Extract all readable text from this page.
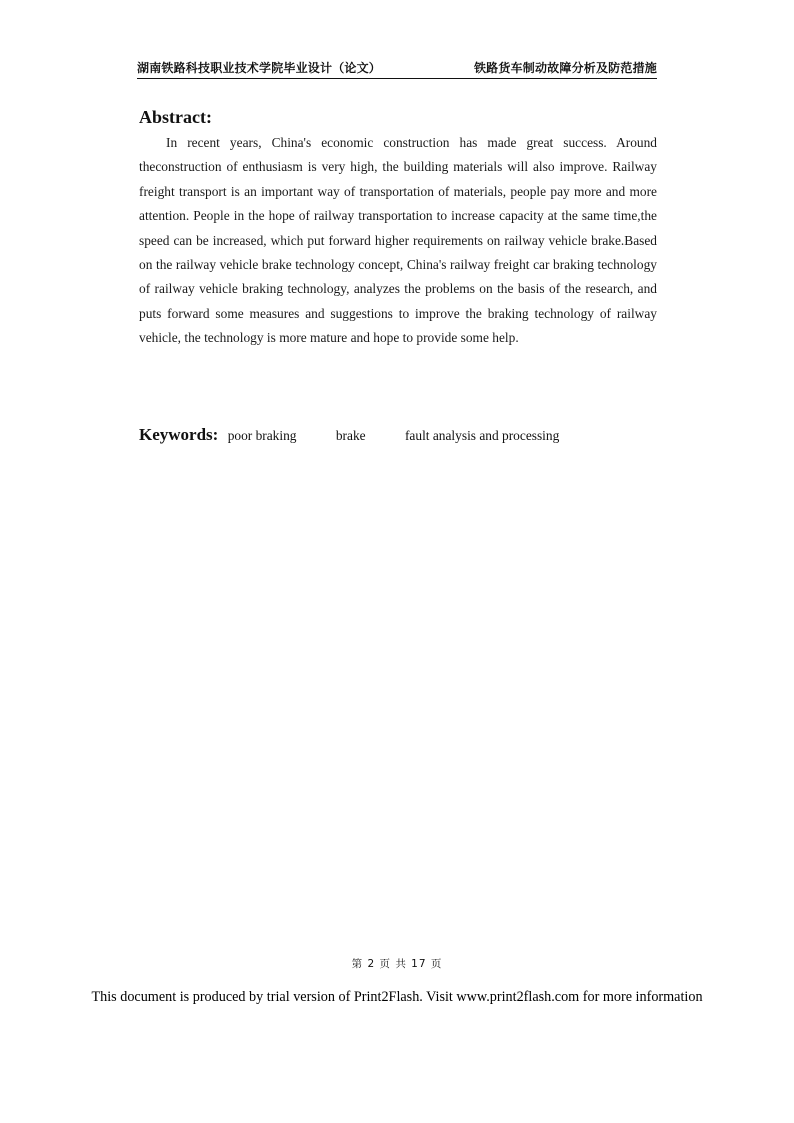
湖南铁路科技职业技术学院毕业设计（论文）	铁路货车制动故障分析及防范措施
Abstract:
In recent years, China's economic construction has made great success. Around theconstruction of enthusiasm is very high, the building materials will also improve. Railway freight transport is an important way of transportation of materials, people pay more and more attention. People in the hope of railway transportation to increase capacity at the same time,the speed can be increased, which put forward higher requirements on railway vehicle brake.Based on the railway vehicle brake technology concept, China's railway freight car braking technology of railway vehicle braking technology, analyzes the problems on the basis of the research, and puts forward some measures and suggestions to improve the braking technology of railway vehicle, the technology is more mature and hope to provide some help.
Keywords: poor braking	brake	fault analysis and processing
第 2 页 共 17 页
This document is produced by trial version of Print2Flash. Visit www.print2flash.com for more information
